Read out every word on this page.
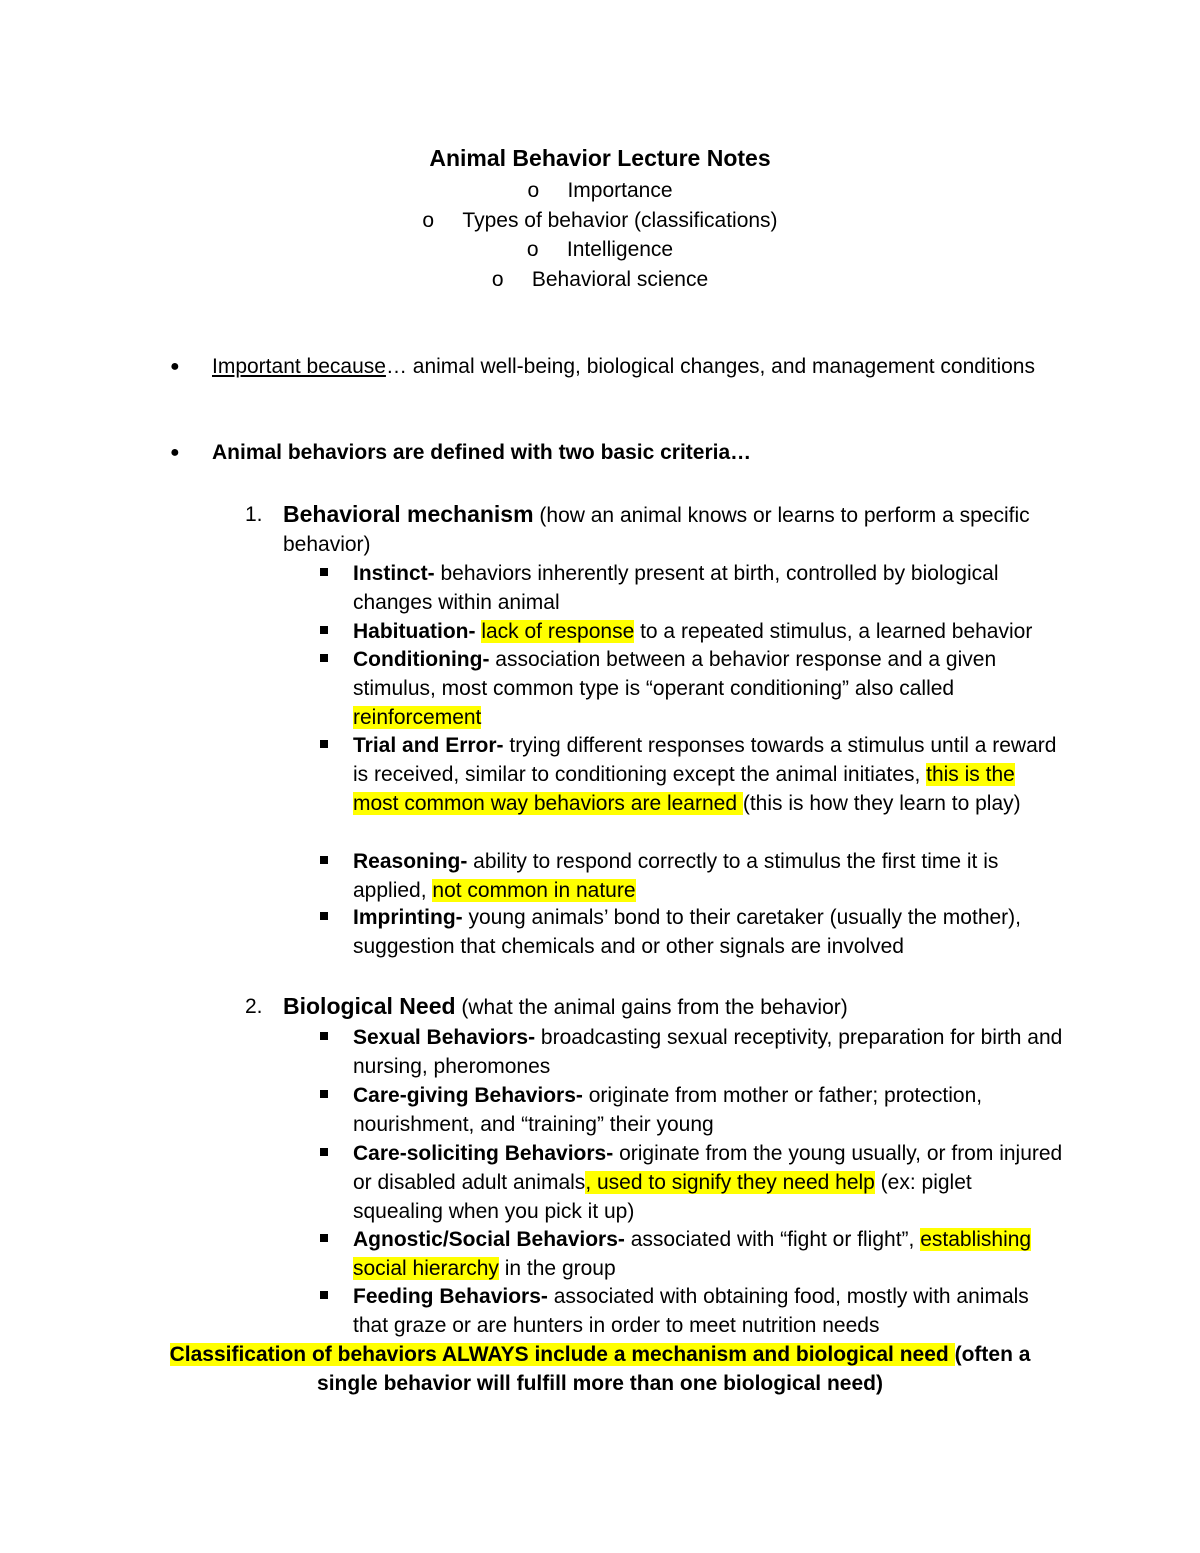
Animal Behavior Lecture Notes
o Importance
o Types of behavior (classifications)
o Intelligence
o Behavioral science
●	Important because… animal well-being, biological changes, and management conditions
●	Animal behaviors are defined with two basic criteria…
1. Behavioral mechanism (how an animal knows or learns to perform a specific behavior)
Instinct- behaviors inherently present at birth, controlled by biological changes within animal
Habituation- lack of response to a repeated stimulus, a learned behavior
Conditioning- association between a behavior response and a given stimulus, most common type is “operant conditioning” also called reinforcement
Trial and Error- trying different responses towards a stimulus until a reward is received, similar to conditioning except the animal initiates, this is the most common way behaviors are learned (this is how they learn to play)
Reasoning- ability to respond correctly to a stimulus the first time it is applied, not common in nature
Imprinting- young animals’ bond to their caretaker (usually the mother), suggestion that chemicals and or other signals are involved
2. Biological Need (what the animal gains from the behavior)
Sexual Behaviors- broadcasting sexual receptivity, preparation for birth and nursing, pheromones
Care-giving Behaviors- originate from mother or father; protection, nourishment, and “training” their young
Care-soliciting Behaviors- originate from the young usually, or from injured or disabled adult animals, used to signify they need help (ex: piglet squealing when you pick it up)
Agnostic/Social Behaviors- associated with “fight or flight”, establishing social hierarchy in the group
Feeding Behaviors- associated with obtaining food, mostly with animals that graze or are hunters in order to meet nutrition needs
Classification of behaviors ALWAYS include a mechanism and biological need (often a single behavior will fulfill more than one biological need)
